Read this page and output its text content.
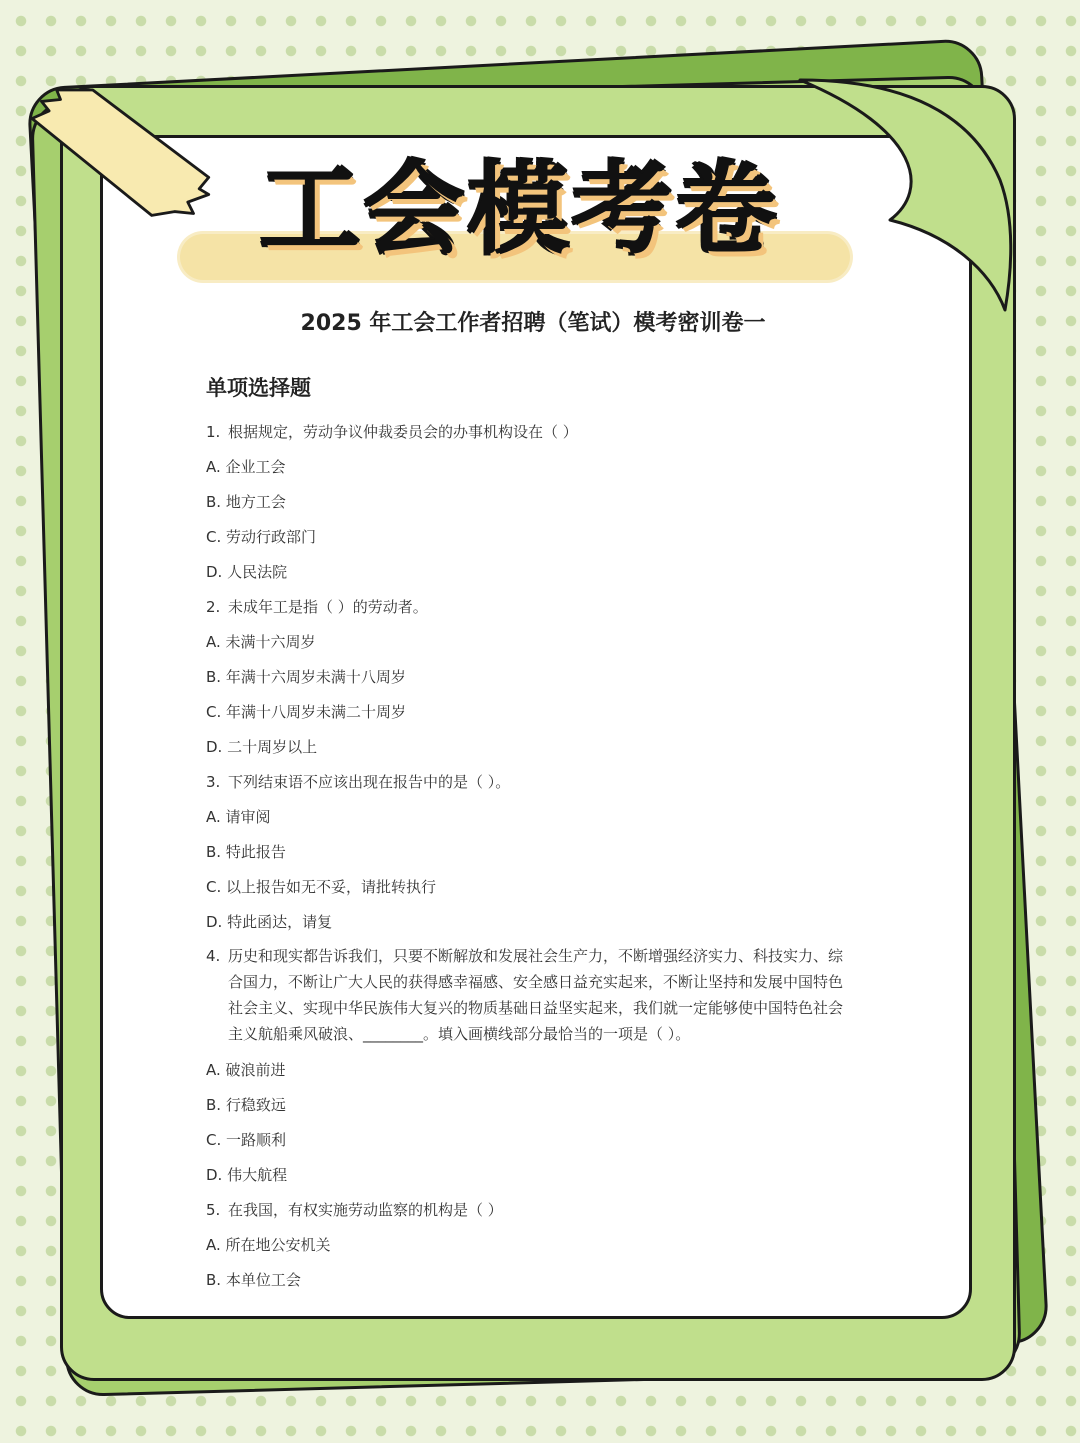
工会模考卷
2025 年工会工作者招聘（笔试）模考密训卷一
单项选择题
1. 根据规定，劳动争议仲裁委员会的办事机构设在（ ）
A. 企业工会
B. 地方工会
C. 劳动行政部门
D. 人民法院
2. 未成年工是指（ ）的劳动者。
A. 未满十六周岁
B. 年满十六周岁未满十八周岁
C. 年满十八周岁未满二十周岁
D. 二十周岁以上
3. 下列结束语不应该出现在报告中的是（ ）。
A. 请审阅
B. 特此报告
C. 以上报告如无不妥，请批转执行
D. 特此函达，请复
4. 历史和现实都告诉我们，只要不断解放和发展社会生产力，不断增强经济实力、科技实力、综合国力，不断让广大人民的获得感幸福感、安全感日益充实起来，不断让坚持和发展中国特色社会主义、实现中华民族伟大复兴的物质基础日益坚实起来，我们就一定能够使中国特色社会主义航船乘风破浪、________。填入画横线部分最恰当的一项是（ ）。
A. 破浪前进
B. 行稳致远
C. 一路顺利
D. 伟大航程
5. 在我国，有权实施劳动监察的机构是（ ）
A. 所在地公安机关
B. 本单位工会
